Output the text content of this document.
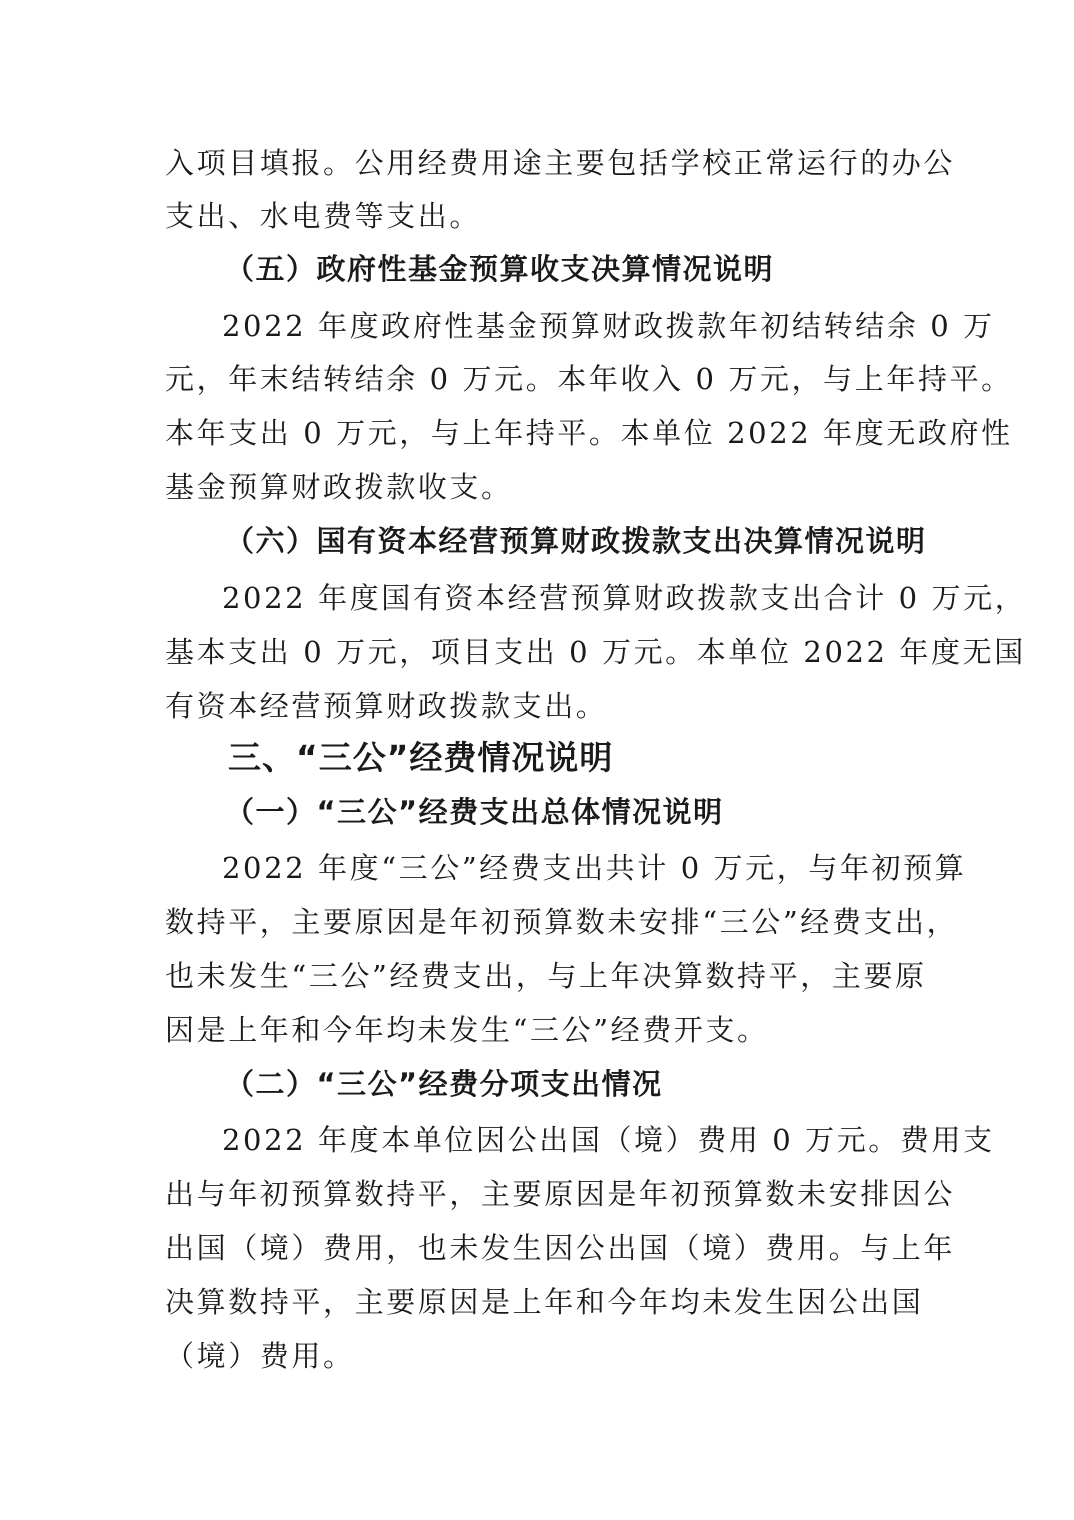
入项目填报。公用经费用途主要包括学校正常运行的办公
支出、水电费等支出。
（五）政府性基金预算收支决算情况说明
2022 年度政府性基金预算财政拨款年初结转结余 0 万
元，年末结转结余 0 万元。本年收入 0 万元，与上年持平。
本年支出 0 万元，与上年持平。本单位 2022 年度无政府性
基金预算财政拨款收支。
（六）国有资本经营预算财政拨款支出决算情况说明
2022 年度国有资本经营预算财政拨款支出合计 0 万元，
基本支出 0 万元，项目支出 0 万元。本单位 2022 年度无国
有资本经营预算财政拨款支出。
三、“三公”经费情况说明
（一）“三公”经费支出总体情况说明
2022 年度“三公”经费支出共计 0 万元，与年初预算
数持平，主要原因是年初预算数未安排“三公”经费支出，
也未发生“三公”经费支出，与上年决算数持平，主要原
因是上年和今年均未发生“三公”经费开支。
（二）“三公”经费分项支出情况
2022 年度本单位因公出国（境）费用 0 万元。费用支
出与年初预算数持平，主要原因是年初预算数未安排因公
出国（境）费用，也未发生因公出国（境）费用。与上年
决算数持平，主要原因是上年和今年均未发生因公出国
（境）费用。
